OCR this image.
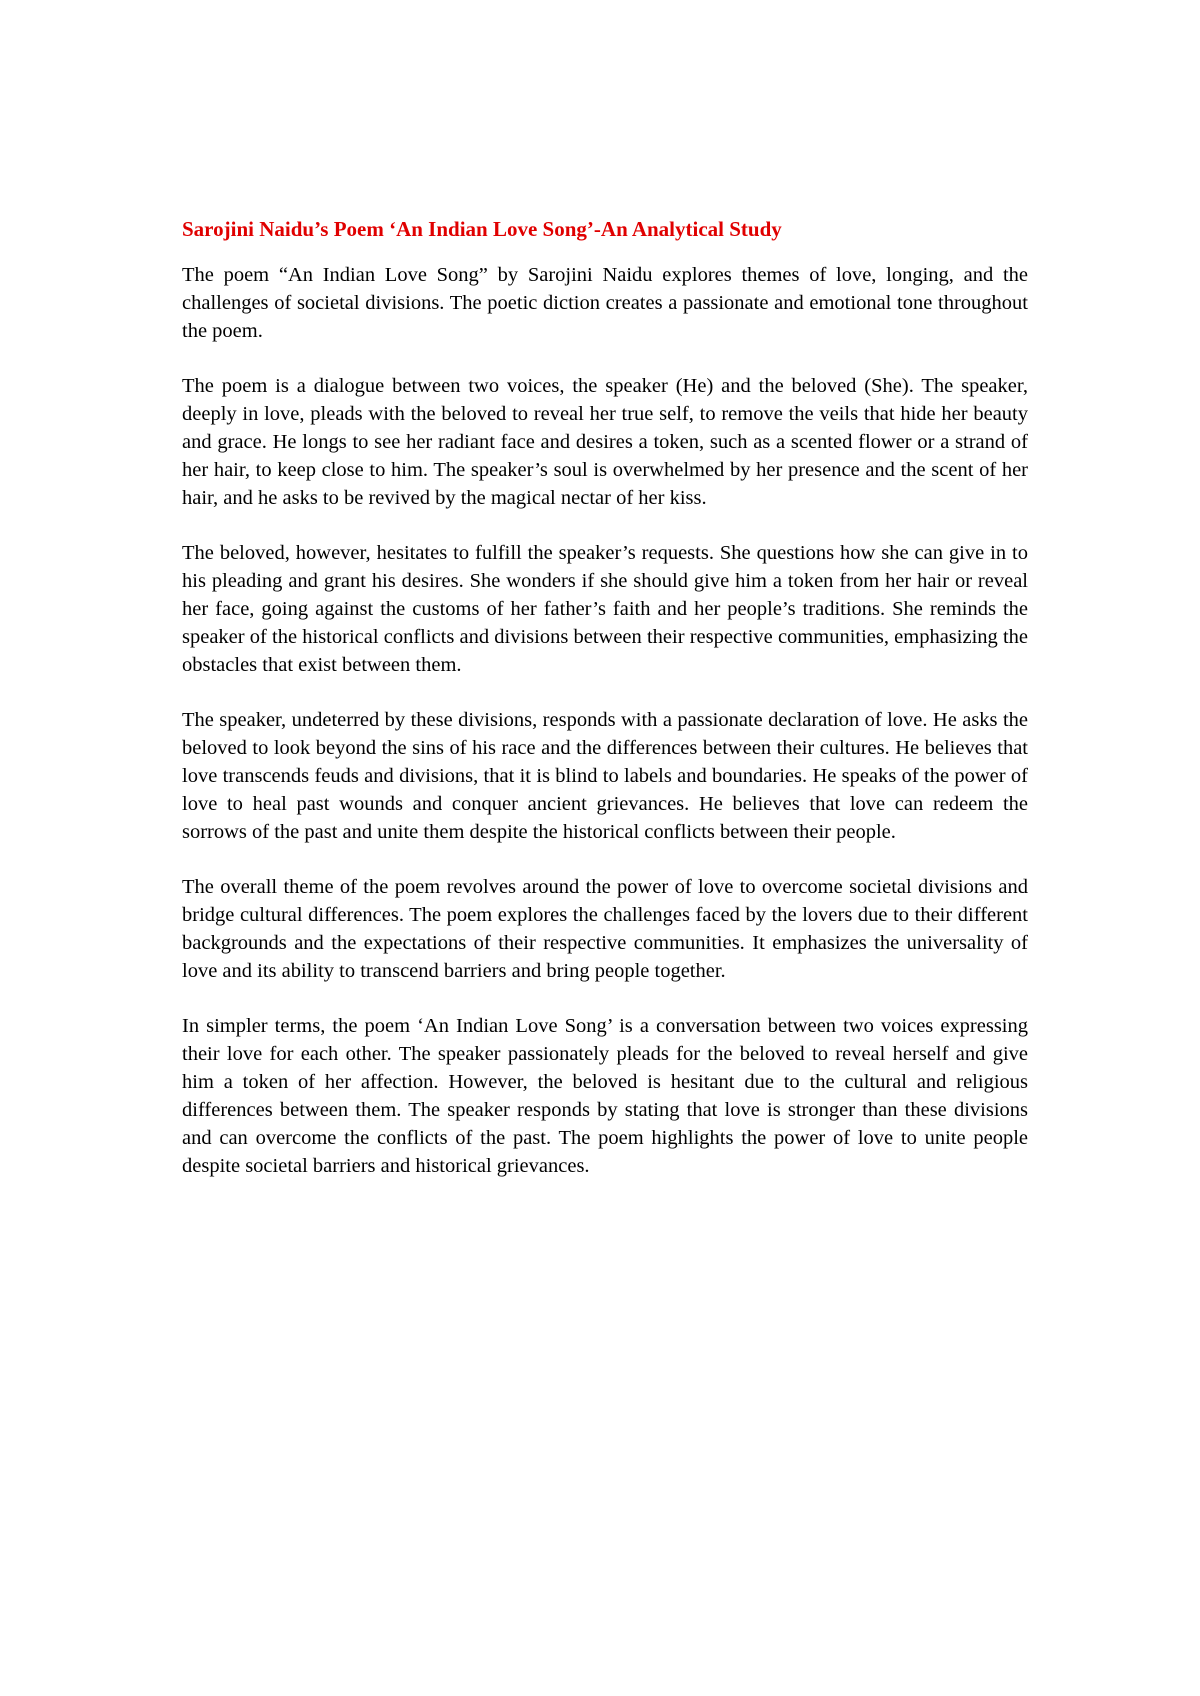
Sarojini Naidu’s Poem ‘An Indian Love Song’-An Analytical Study

The poem “An Indian Love Song” by Sarojini Naidu explores themes of love, longing, and the challenges of societal divisions. The poetic diction creates a passionate and emotional tone throughout the poem.

The poem is a dialogue between two voices, the speaker (He) and the beloved (She). The speaker, deeply in love, pleads with the beloved to reveal her true self, to remove the veils that hide her beauty and grace. He longs to see her radiant face and desires a token, such as a scented flower or a strand of her hair, to keep close to him. The speaker’s soul is overwhelmed by her presence and the scent of her hair, and he asks to be revived by the magical nectar of her kiss.

The beloved, however, hesitates to fulfill the speaker’s requests. She questions how she can give in to his pleading and grant his desires. She wonders if she should give him a token from her hair or reveal her face, going against the customs of her father’s faith and her people’s traditions. She reminds the speaker of the historical conflicts and divisions between their respective communities, emphasizing the obstacles that exist between them.

The speaker, undeterred by these divisions, responds with a passionate declaration of love. He asks the beloved to look beyond the sins of his race and the differences between their cultures. He believes that love transcends feuds and divisions, that it is blind to labels and boundaries. He speaks of the power of love to heal past wounds and conquer ancient grievances. He believes that love can redeem the sorrows of the past and unite them despite the historical conflicts between their people.

The overall theme of the poem revolves around the power of love to overcome societal divisions and bridge cultural differences. The poem explores the challenges faced by the lovers due to their different backgrounds and the expectations of their respective communities. It emphasizes the universality of love and its ability to transcend barriers and bring people together.

In simpler terms, the poem ‘An Indian Love Song’ is a conversation between two voices expressing their love for each other. The speaker passionately pleads for the beloved to reveal herself and give him a token of her affection. However, the beloved is hesitant due to the cultural and religious differences between them. The speaker responds by stating that love is stronger than these divisions and can overcome the conflicts of the past. The poem highlights the power of love to unite people despite societal barriers and historical grievances.
